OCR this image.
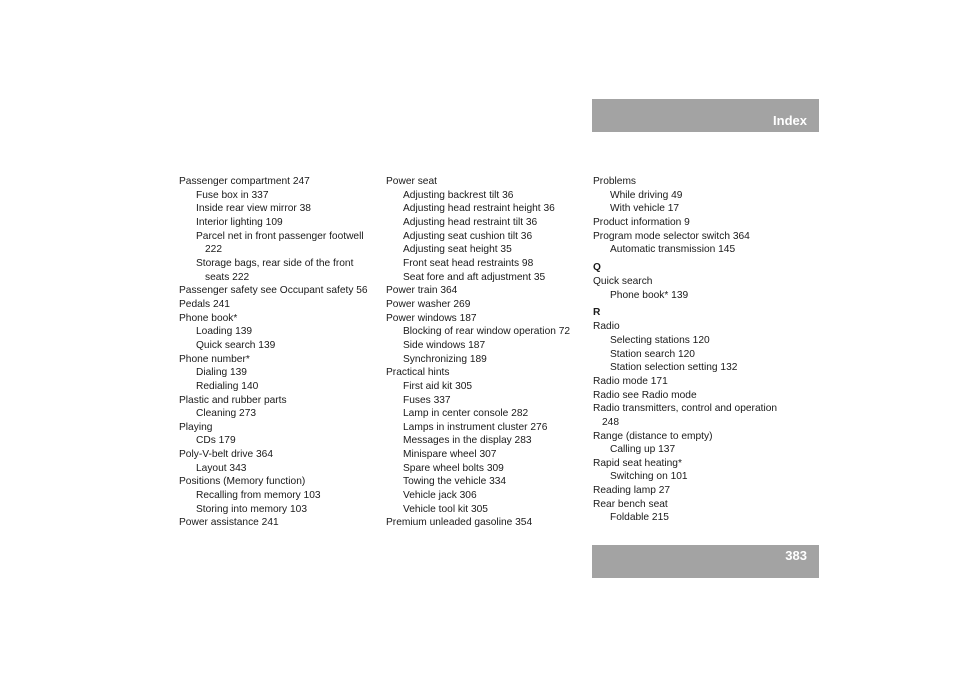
Index
Passenger compartment 247
Fuse box in 337
Inside rear view mirror 38
Interior lighting 109
Parcel net in front passenger footwell
222
Storage bags, rear side of the front
seats 222
Passenger safety see Occupant safety 56
Pedals 241
Phone book*
Loading 139
Quick search 139
Phone number*
Dialing 139
Redialing 140
Plastic and rubber parts
Cleaning 273
Playing
CDs 179
Poly-V-belt drive 364
Layout 343
Positions (Memory function)
Recalling from memory 103
Storing into memory 103
Power assistance 241
Power seat
Adjusting backrest tilt 36
Adjusting head restraint height 36
Adjusting head restraint tilt 36
Adjusting seat cushion tilt 36
Adjusting seat height 35
Front seat head restraints 98
Seat fore and aft adjustment 35
Power train 364
Power washer 269
Power windows 187
Blocking of rear window operation 72
Side windows 187
Synchronizing 189
Practical hints
First aid kit 305
Fuses 337
Lamp in center console 282
Lamps in instrument cluster 276
Messages in the display 283
Minispare wheel 307
Spare wheel bolts 309
Towing the vehicle 334
Vehicle jack 306
Vehicle tool kit 305
Premium unleaded gasoline 354
Problems
While driving 49
With vehicle 17
Product information 9
Program mode selector switch 364
Automatic transmission 145
Q
Quick search
Phone book* 139
R
Radio
Selecting stations 120
Station search 120
Station selection setting 132
Radio mode 171
Radio see Radio mode
Radio transmitters, control and operation
248
Range (distance to empty)
Calling up 137
Rapid seat heating*
Switching on 101
Reading lamp 27
Rear bench seat
Foldable 215
383
